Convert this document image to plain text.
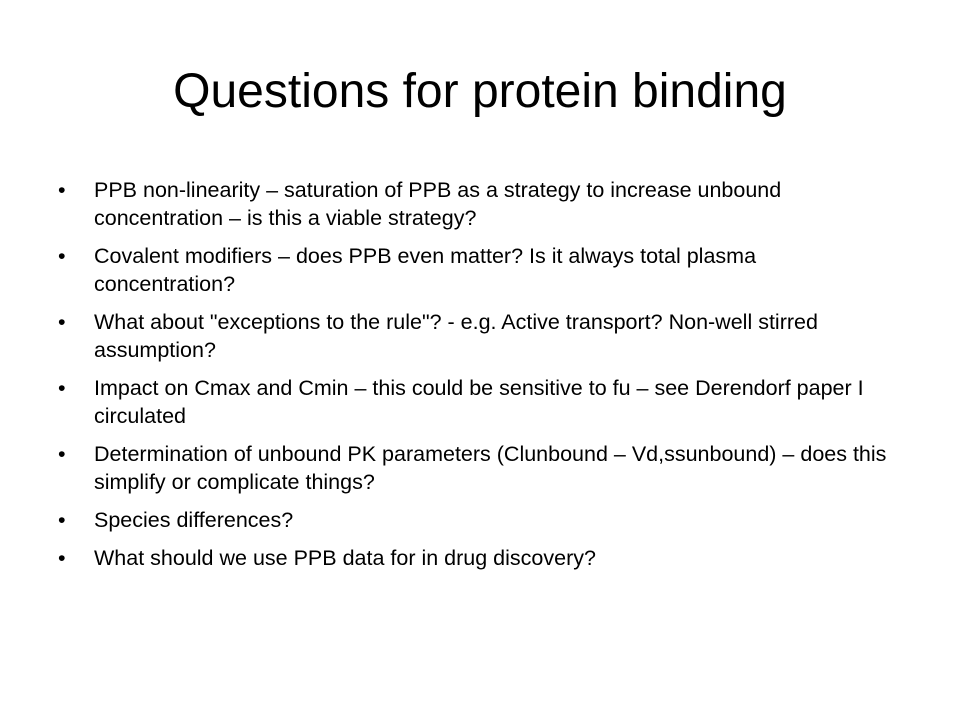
Questions for protein binding
•	PPB non-linearity – saturation of PPB as a strategy to increase unbound concentration – is this a viable strategy?
•	Covalent modifiers – does PPB even matter? Is it always total plasma concentration?
•	What about "exceptions to the rule"? - e.g. Active transport? Non-well stirred assumption?
•	Impact on Cmax and Cmin – this could be sensitive to fu – see Derendorf paper I circulated
•	Determination of unbound PK parameters (Clunbound – Vd,ssunbound) – does this simplify or complicate things?
•	Species differences?
•	What should we use PPB data for in drug discovery?
